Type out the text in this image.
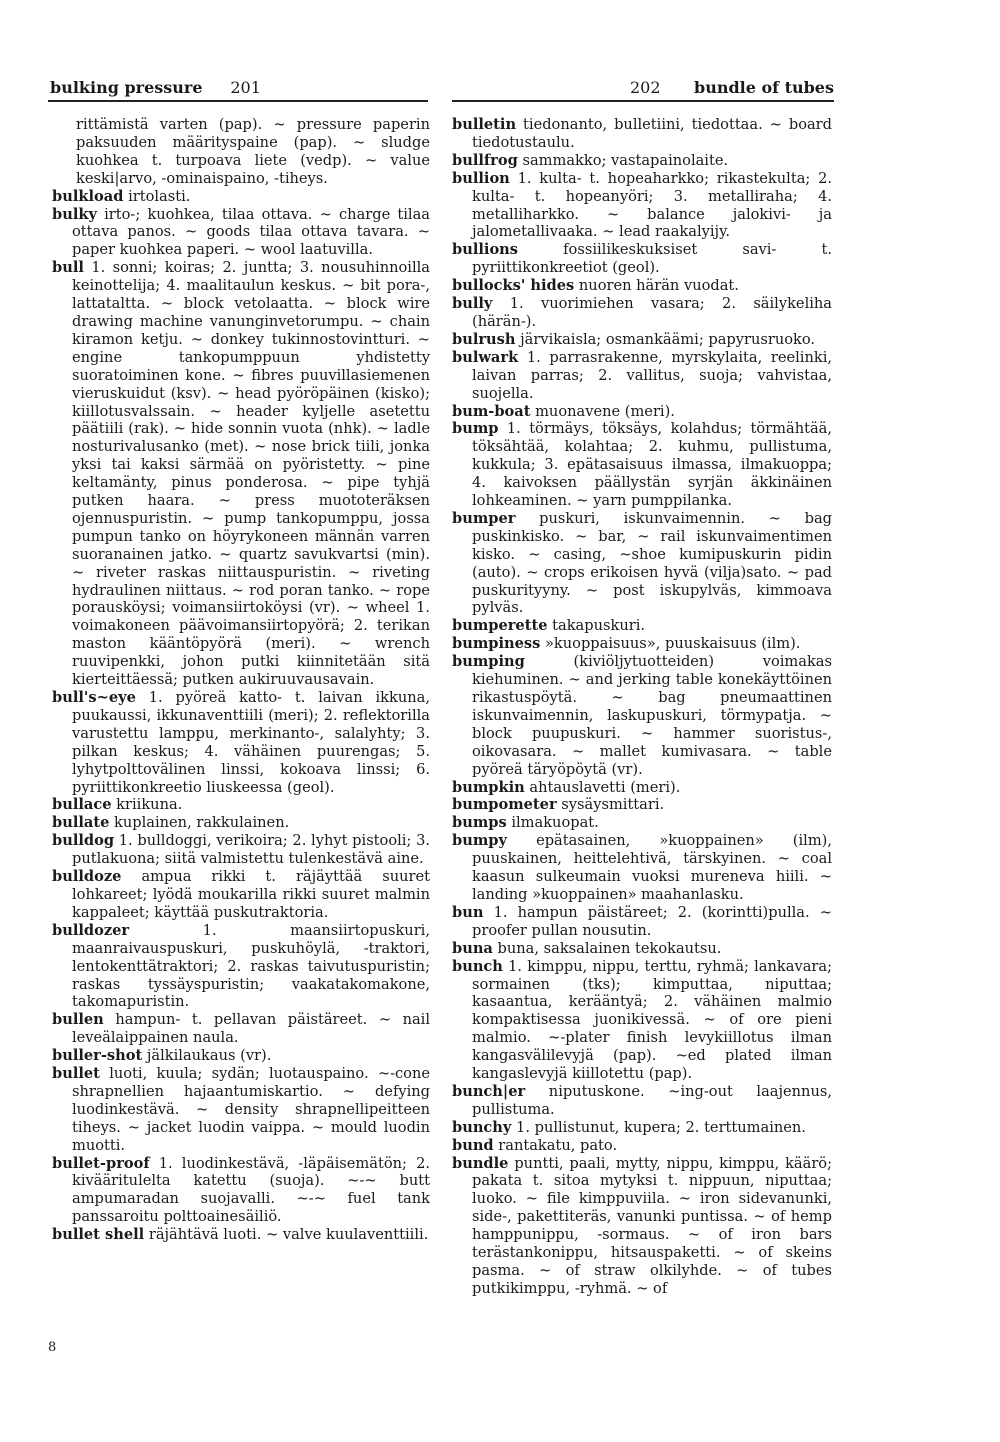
bulking pressure 201	202 bundle of tubes

rittämistä varten (pap). ~ pressure paperin paksuuden määrityspaine (pap). ~ sludge kuohkea t. turpoava liete (vedp). ~ value keski|arvo, -ominaispaino, -tiheys.

bulkload irtolasti.

bulky irto-; kuohkea, tilaa ottava. ~ charge tilaa ottava panos. ~ goods tilaa ottava tavara. ~ paper kuohkea paperi. ~ wool laatuvilla.

bull 1. sonni; koiras; 2. juntta; 3. nousuhinnoilla keinottelija; 4. maalitaulun keskus. ~ bit pora-, lattataltta. ~ block vetolaatta. ~ block wire drawing machine vanunginvetorumpu. ~ chain kiramon ketju. ~ donkey tukinnostovintturi. ~ engine tankopumppuun yhdistetty suoratoiminen kone. ~ fibres puuvillasiemenen vieruskuidut (ksv). ~ head pyöröpäinen (kisko); kiillotusvalssain. ~ header kyljelle asetettu päätiili (rak). ~ hide sonnin vuota (nhk). ~ ladle nosturivalusanko (met). ~ nose brick tiili, jonka yksi tai kaksi särmää on pyöristetty. ~ pine keltamänty, pinus ponderosa. ~ pipe tyhjä putken haara. ~ press muototeräksen ojennuspuristin. ~ pump tankopumppu, jossa pumpun tanko on höyrykoneen männän varren suoranainen jatko. ~ quartz savukvartsi (min). ~ riveter raskas niittauspuristin. ~ riveting hydraulinen niittaus. ~ rod poran tanko. ~ rope porausköysi; voimansiirtoköysi (vr). ~ wheel 1. voimakoneen päävoimansiirtopyörä; 2. terikan maston kääntöpyörä (meri). ~ wrench ruuvipenkki, johon putki kiinnitetään sitä kierteittäessä; putken aukiruuvausavain.

bull's~eye 1. pyöreä katto- t. laivan ikkuna, puukaussi, ikkunaventtiili (meri); 2. reflektorilla varustettu lamppu, merkinanto-, salalyhty; 3. pilkan keskus; 4. vähäinen puurengas; 5. lyhytpolttovälinen linssi, kokoava linssi; 6. pyriittikonkreetio liuskeessa (geol).

bullace kriikuna.

bullate kuplainen, rakkulainen.

bulldog 1. bulldoggi, verikoira; 2. lyhyt pistooli; 3. putlakuona; siitä valmistettu tulenkestävä aine.

bulldoze ampua rikki t. räjäyttää suuret lohkareet; lyödä moukarilla rikki suuret malmin kappaleet; käyttää puskutraktoria.

bulldozer	1. maansiirtopuskuri, maanraivauspuskuri, puskuhöylä, -traktori, lentokenttätraktori; 2. raskas taivutuspuristin; raskas tyssäyspuristin; vaakatakomakone, takomapuristin.

bullen hampun- t. pellavan päistäreet. ~ nail leveälaippainen naula.

buller-shot jälkilaukaus (vr).

bullet luoti, kuula; sydän; luotauspaino. ~-cone shrapnellien hajaantumiskartio. ~ defying luodinkestävä. ~ density shrapnellipeitteen tiheys. ~ jacket luodin vaippa. ~ mould luodin muotti.

bullet-proof 1. luodinkestävä, -läpäisemätön; 2. kivääritulelta katettu (suoja). ~-~ butt ampumaradan suojavalli. ~-~ fuel tank panssaroitu polttoainesäiliö.

bullet shell räjähtävä luoti. ~ valve kuulaventtiili.

bulletin tiedonanto, bulletiini, tiedottaa. ~ board tiedotustaulu.

bullfrog sammakko; vastapainolaite.

bullion 1. kulta- t. hopeaharkko; rikastekulta; 2. kulta- t. hopeanyöri; 3. metalliraha; 4. metalliharkko. ~ balance jalokivi- ja jalometallivaaka. ~ lead raakalyijy.

bullions	fossiilikeskuksiset savi- t. pyriittikonkreetiot (geol).

bullocks' hides nuoren härän vuodat.

bully 1. vuorimiehen vasara; 2. säilykeliha (härän-).

bulrush järvikaisla; osmankäämi; papyrusruoko.

bulwark 1. parrasrakenne, myrskylaita, reelinki, laivan parras; 2. vallitus, suoja; vahvistaa, suojella.

bum-boat muonavene (meri).

bump 1. törmäys, töksäys, kolahdus; törmähtää, töksähtää, kolahtaa; 2. kuhmu, pullistuma, kukkula; 3. epätasaisuus ilmassa, ilmakuoppa; 4. kaivoksen päällystän syrjän äkkinäinen lohkeaminen. ~ yarn pumppilanka.

bumper puskuri, iskunvaimennin. ~ bag puskinkisko. ~ bar, ~ rail iskunvaimentimen kisko. ~ casing, ~shoe kumipuskurin pidin (auto). ~ crops erikoisen hyvä (vilja)sato. ~ pad puskurityyny. ~ post iskupylväs, kimmoava pylväs.

bumperette takapuskuri.

bumpiness »kuoppaisuus», puuskaisuus (ilm).

bumping	(kiviöljytuotteiden) voimakas kiehuminen. ~ and jerking table konekäyttöinen rikastuspöytä. ~ bag pneumaattinen iskunvaimennin, laskupuskuri, törmypatja. ~ block puupuskuri. ~ hammer suoristus-, oikovasara. ~ mallet kumivasara. ~ table pyöreä täryöpöytä (vr).

bumpkin ahtauslavetti (meri).

bumpometer sysäysmittari.

bumps ilmakuopat.

bumpy epätasainen, »kuoppainen» (ilm), puuskainen, heittelehtivä, tärskyinen. ~ coal kaasun sulkeumain vuoksi mureneva hiili. ~ landing »kuoppainen» maahanlasku.

bun 1. hampun päistäreet; 2. (korintti)pulla. ~ proofer pullan nousutin.

buna buna, saksalainen tekokautsu.

bunch 1. kimppu, nippu, terttu, ryhmä; lankavara; sormainen (tks); kimputtaa, niputtaa; kasaantua, kerääntyä; 2. vähäinen malmio kompaktisessa juonikivessä. ~ of ore pieni malmio. ~-plater finish levykiillotus ilman kangasvälilevyjä (pap). ~ed plated ilman kangaslevyjä kiillotettu (pap).

bunch|er niputuskone. ~ing-out laajennus, pullistuma.

bunchy 1. pullistunut, kupera; 2. terttumainen.

bund rantakatu, pato.

bundle puntti, paali, mytty, nippu, kimppu, käärö; pakata t. sitoa mytyksi t. nippuun, niputtaa; luoko. ~ file kimppuviila. ~ iron sidevanunki, side-, pakettiteräs, vanunki puntissa. ~ of hemp hamppunippu, -sormaus. ~ of iron bars terästankonippu, hitsauspaketti. ~ of skeins pasma. ~ of straw olkilyhde. ~ of tubes putkikimppu, -ryhmä. ~ of

8
